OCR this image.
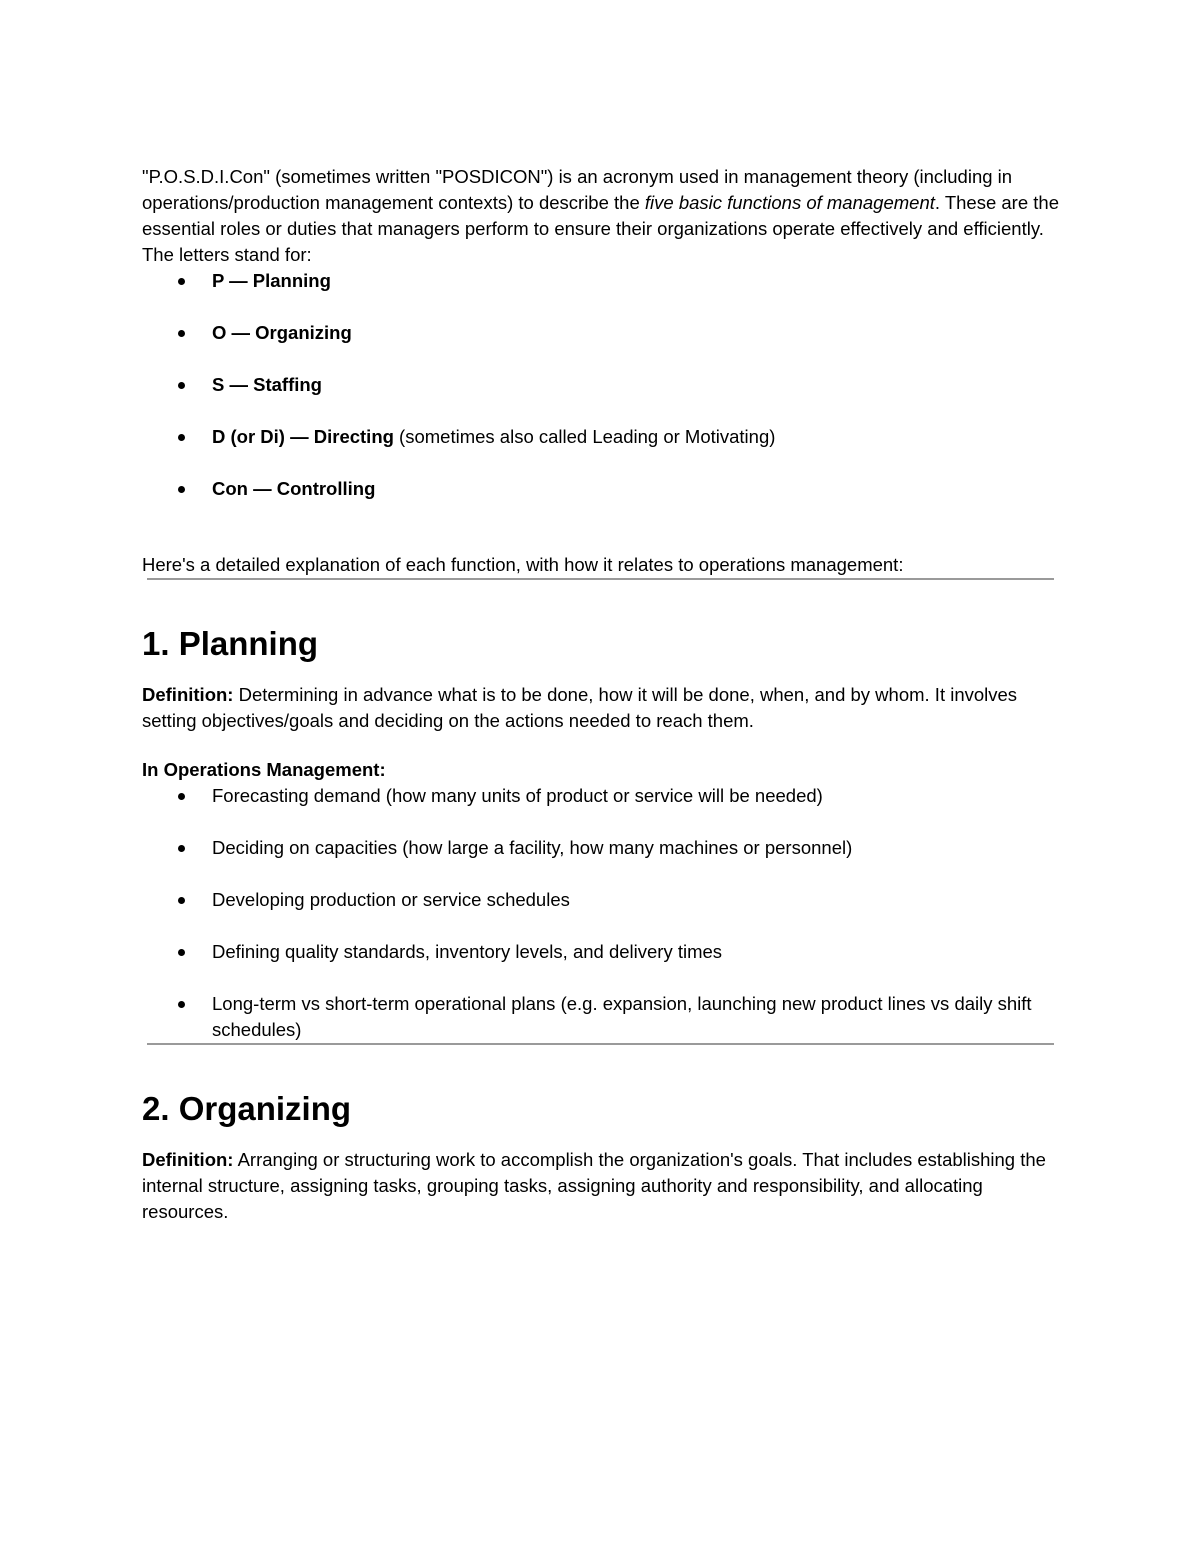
"P.O.S.D.I.Con" (sometimes written "POSDICON") is an acronym used in management theory (including in operations/production management contexts) to describe the five basic functions of management. These are the essential roles or duties that managers perform to ensure their organizations operate effectively and efficiently. The letters stand for:

P — Planning
O — Organizing
S — Staffing
D (or Di) — Directing (sometimes also called Leading or Motivating)
Con — Controlling

Here's a detailed explanation of each function, with how it relates to operations management:

1. Planning

Definition: Determining in advance what is to be done, how it will be done, when, and by whom. It involves setting objectives/goals and deciding on the actions needed to reach them.

In Operations Management:

Forecasting demand (how many units of product or service will be needed)
Deciding on capacities (how large a facility, how many machines or personnel)
Developing production or service schedules
Defining quality standards, inventory levels, and delivery times
Long-term vs short-term operational plans (e.g. expansion, launching new product lines vs daily shift schedules)
2. Organizing

Definition: Arranging or structuring work to accomplish the organization's goals. That includes establishing the internal structure, assigning tasks, grouping tasks, assigning authority and responsibility, and allocating resources.
